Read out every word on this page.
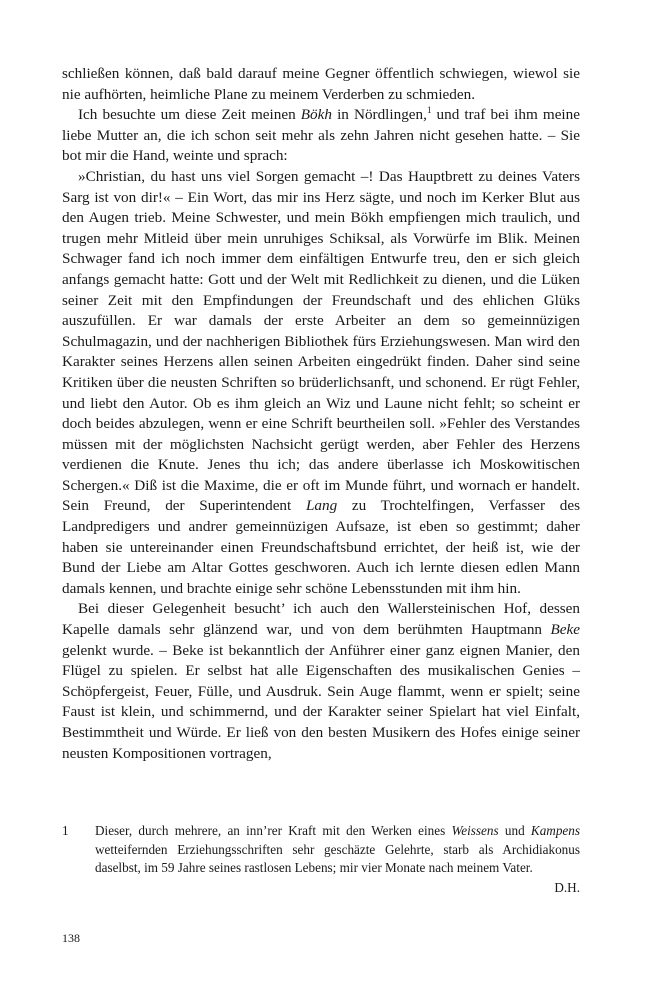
schließen können, daß bald darauf meine Gegner öffentlich schwiegen, wiewol sie nie aufhörten, heimliche Plane zu meinem Verderben zu schmieden.

Ich besuchte um diese Zeit meinen Bökh in Nördlingen,$^1$ und traf bei ihm meine liebe Mutter an, die ich schon seit mehr als zehn Jahren nicht gesehen hatte. – Sie bot mir die Hand, weinte und sprach:

»Christian, du hast uns viel Sorgen gemacht –! Das Hauptbrett zu deines Vaters Sarg ist von dir!« – Ein Wort, das mir ins Herz sägte, und noch im Kerker Blut aus den Augen trieb. Meine Schwester, und mein Bökh empfiengen mich traulich, und trugen mehr Mitleid über mein unruhiges Schiksal, als Vorwürfe im Blik. Meinen Schwager fand ich noch immer dem einfältigen Entwurfe treu, den er sich gleich anfangs gemacht hatte: Gott und der Welt mit Redlichkeit zu dienen, und die Lüken seiner Zeit mit den Empfindungen der Freundschaft und des ehlichen Glüks auszufüllen. Er war damals der erste Arbeiter an dem so gemeinnüzigen Schulmagazin, und der nachherigen Bibliothek fürs Erziehungswesen. Man wird den Karakter seines Herzens allen seinen Arbeiten eingedrükt finden. Daher sind seine Kritiken über die neusten Schriften so brüderlichsanft, und schonend. Er rügt Fehler, und liebt den Autor. Ob es ihm gleich an Wiz und Laune nicht fehlt; so scheint er doch beides abzulegen, wenn er eine Schrift beurtheilen soll. »Fehler des Verstandes müssen mit der möglichsten Nachsicht gerügt werden, aber Fehler des Herzens verdienen die Knute. Jenes thu ich; das andere überlasse ich Moskowitischen Schergen.« Diß ist die Maxime, die er oft im Munde führt, und wornach er handelt. Sein Freund, der Superintendent Lang zu Trochtelfingen, Verfasser des Landpredigers und andrer gemeinnüzigen Aufsaze, ist eben so gestimmt; daher haben sie untereinander einen Freundschaftsbund errichtet, der heiß ist, wie der Bund der Liebe am Altar Gottes geschworen. Auch ich lernte diesen edlen Mann damals kennen, und brachte einige sehr schöne Lebensstunden mit ihm hin.

Bei dieser Gelegenheit besucht’ ich auch den Wallersteinischen Hof, dessen Kapelle damals sehr glänzend war, und von dem berühmten Hauptmann Beke gelenkt wurde. – Beke ist bekanntlich der Anführer einer ganz eignen Manier, den Flügel zu spielen. Er selbst hat alle Eigenschaften des musikalischen Genies – Schöpfergeist, Feuer, Fülle, und Ausdruk. Sein Auge flammt, wenn er spielt; seine Faust ist klein, und schimmernd, und der Karakter seiner Spielart hat viel Einfalt, Bestimmtheit und Würde. Er ließ von den besten Musikern des Hofes einige seiner neusten Kompositionen vortragen,

1	Dieser, durch mehrere, an inn’rer Kraft mit den Werken eines Weissens und Kampens wetteifernden Erziehungsschriften sehr geschäzte Gelehrte, starb als Archidiakonus daselbst, im 59 Jahre seines rastlosen Lebens; mir vier Monate nach meinem Vater.
D.H.
138
